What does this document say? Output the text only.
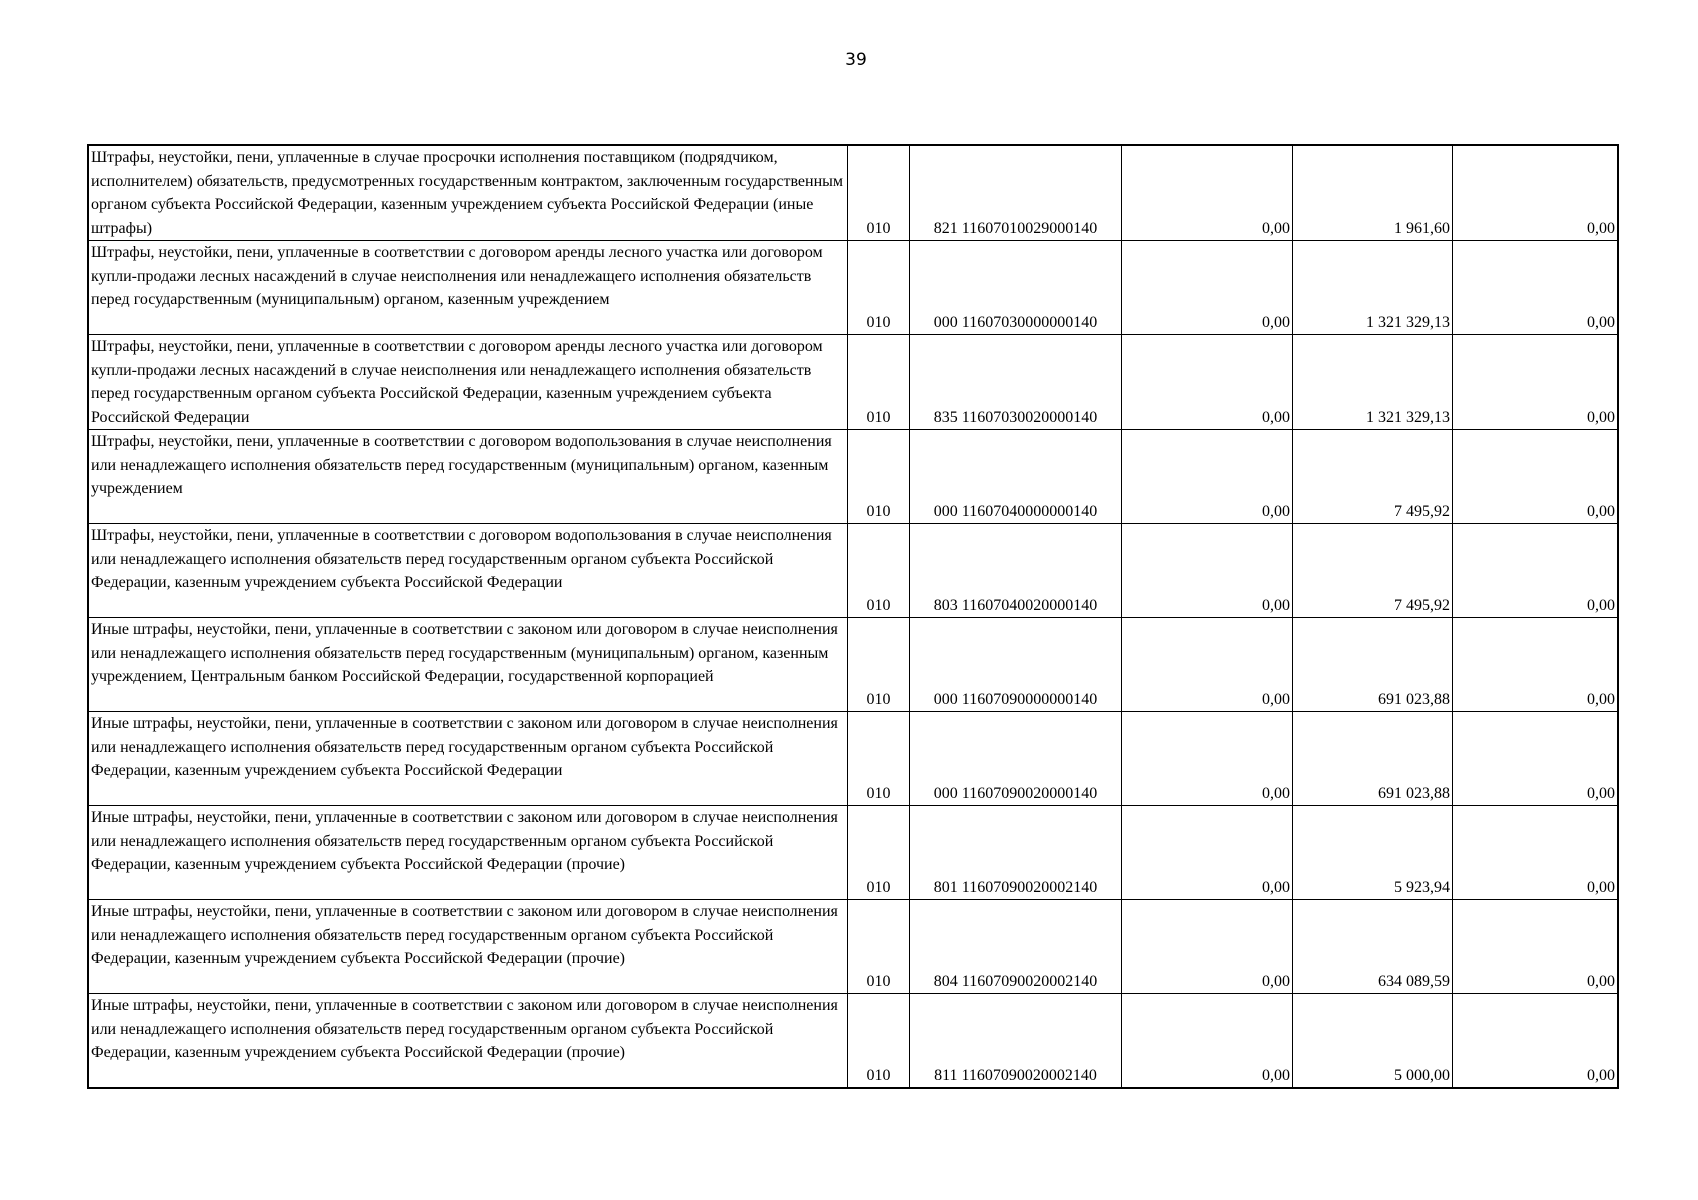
39
Штрафы, неустойки, пени, уплаченные в случае просрочки исполнения поставщиком (подрядчиком, исполнителем) обязательств, предусмотренных государственным контрактом, заключенным государственным органом субъекта Российской Федерации, казенным учреждением субъекта Российской Федерации (иные штрафы)	010	821 11607010029000140	0,00	1 961,60	0,00
Штрафы, неустойки, пени, уплаченные в соответствии с договором аренды лесного участка или договором купли-продажи лесных насаждений в случае неисполнения или ненадлежащего исполнения обязательств перед государственным (муниципальным) органом, казенным учреждением	010	000 11607030000000140	0,00	1 321 329,13	0,00
Штрафы, неустойки, пени, уплаченные в соответствии с договором аренды лесного участка или договором купли-продажи лесных насаждений в случае неисполнения или ненадлежащего исполнения обязательств перед государственным органом субъекта Российской Федерации, казенным учреждением субъекта Российской Федерации	010	835 11607030020000140	0,00	1 321 329,13	0,00
Штрафы, неустойки, пени, уплаченные в соответствии с договором водопользования в случае неисполнения или ненадлежащего исполнения обязательств перед государственным (муниципальным) органом, казенным учреждением	010	000 11607040000000140	0,00	7 495,92	0,00
Штрафы, неустойки, пени, уплаченные в соответствии с договором водопользования в случае неисполнения или ненадлежащего исполнения обязательств перед государственным органом субъекта Российской Федерации, казенным учреждением субъекта Российской Федерации	010	803 11607040020000140	0,00	7 495,92	0,00
Иные штрафы, неустойки, пени, уплаченные в соответствии с законом или договором в случае неисполнения или ненадлежащего исполнения обязательств перед государственным (муниципальным) органом, казенным учреждением, Центральным банком Российской Федерации, государственной корпорацией	010	000 11607090000000140	0,00	691 023,88	0,00
Иные штрафы, неустойки, пени, уплаченные в соответствии с законом или договором в случае неисполнения или ненадлежащего исполнения обязательств перед государственным органом субъекта Российской Федерации, казенным учреждением субъекта Российской Федерации	010	000 11607090020000140	0,00	691 023,88	0,00
Иные штрафы, неустойки, пени, уплаченные в соответствии с законом или договором в случае неисполнения или ненадлежащего исполнения обязательств перед государственным органом субъекта Российской Федерации, казенным учреждением субъекта Российской Федерации (прочие)	010	801 11607090020002140	0,00	5 923,94	0,00
Иные штрафы, неустойки, пени, уплаченные в соответствии с законом или договором в случае неисполнения или ненадлежащего исполнения обязательств перед государственным органом субъекта Российской Федерации, казенным учреждением субъекта Российской Федерации (прочие)	010	804 11607090020002140	0,00	634 089,59	0,00
Иные штрафы, неустойки, пени, уплаченные в соответствии с законом или договором в случае неисполнения или ненадлежащего исполнения обязательств перед государственным органом субъекта Российской Федерации, казенным учреждением субъекта Российской Федерации (прочие)	010	811 11607090020002140	0,00	5 000,00	0,00
